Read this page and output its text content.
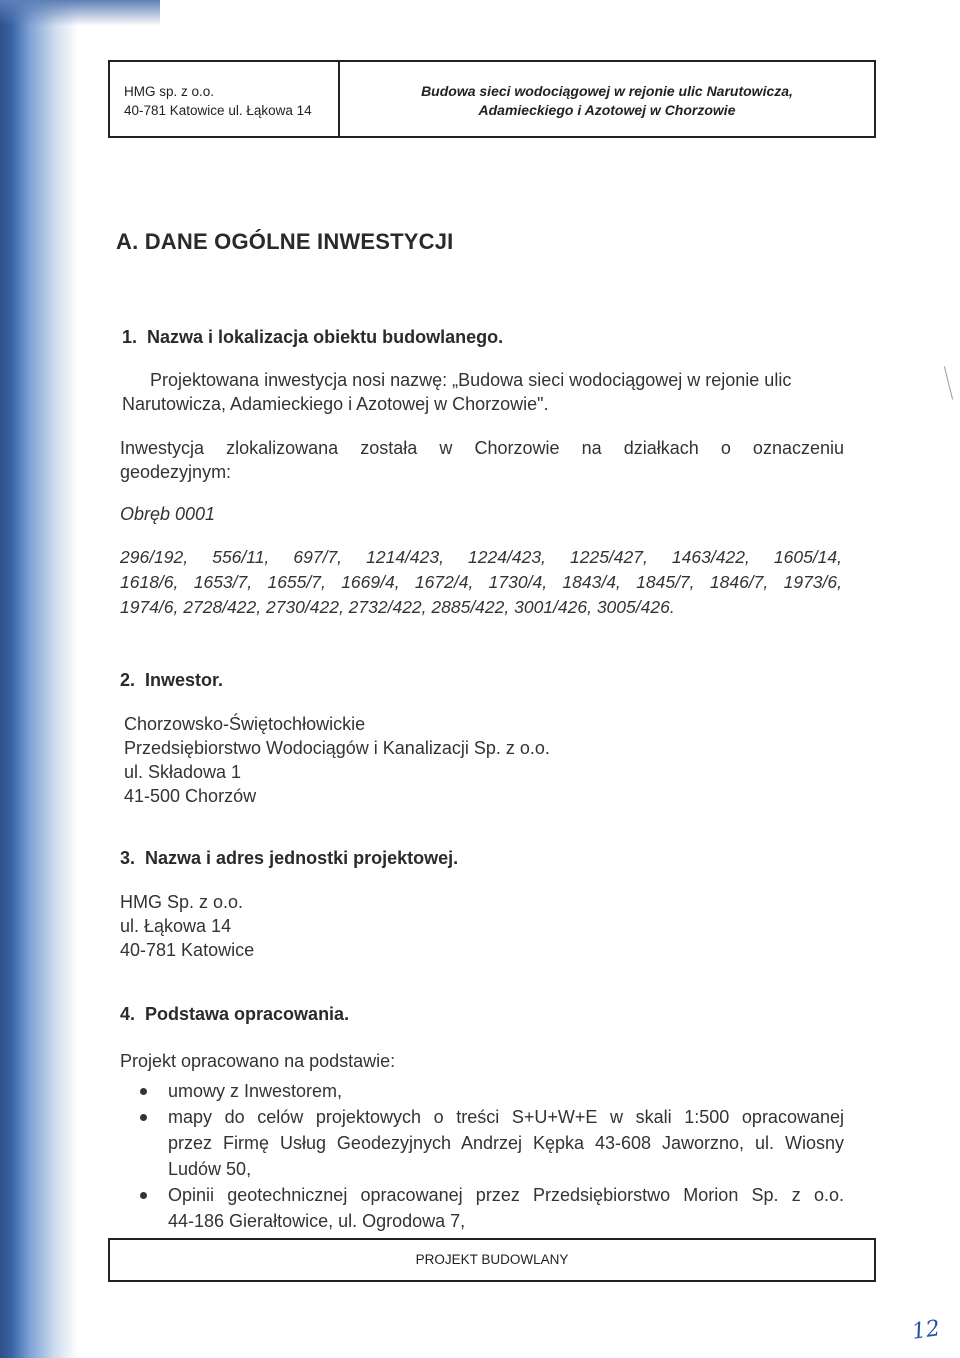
HMG sp. z o.o.
40-781 Katowice ul. Łąkowa 14
Budowa sieci wodociągowej w rejonie ulic Narutowicza,
Adamieckiego i Azotowej w Chorzowie
A. DANE OGÓLNE INWESTYCJI
1. Nazwa i lokalizacja obiektu budowlanego.
Projektowana inwestycja nosi nazwę: „Budowa sieci wodociągowej w rejonie ulic
Narutowicza, Adamieckiego i Azotowej w Chorzowie".
Inwestycja zlokalizowana została w Chorzowie na działkach o oznaczeniu
geodezyjnym:
Obręb 0001
296/192, 556/11, 697/7, 1214/423, 1224/423, 1225/427, 1463/422, 1605/14,
1618/6, 1653/7, 1655/7, 1669/4, 1672/4, 1730/4, 1843/4, 1845/7, 1846/7, 1973/6,
1974/6, 2728/422, 2730/422, 2732/422, 2885/422, 3001/426, 3005/426.
2. Inwestor.
Chorzowsko-Świętochłowickie
Przedsiębiorstwo Wodociągów i Kanalizacji Sp. z o.o.
ul. Składowa 1
41-500 Chorzów
3. Nazwa i adres jednostki projektowej.
HMG Sp. z o.o.
ul. Łąkowa 14
40-781 Katowice
4. Podstawa opracowania.
Projekt opracowano na podstawie:
umowy z Inwestorem,
mapy do celów projektowych o treści S+U+W+E w skali 1:500 opracowanej
przez Firmę Usług Geodezyjnych Andrzej Kępka 43-608 Jaworzno, ul. Wiosny
Ludów 50,
Opinii geotechnicznej opracowanej przez Przedsiębiorstwo Morion Sp. z o.o.
44-186 Gierałtowice, ul. Ogrodowa 7,
PROJEKT BUDOWLANY
12
